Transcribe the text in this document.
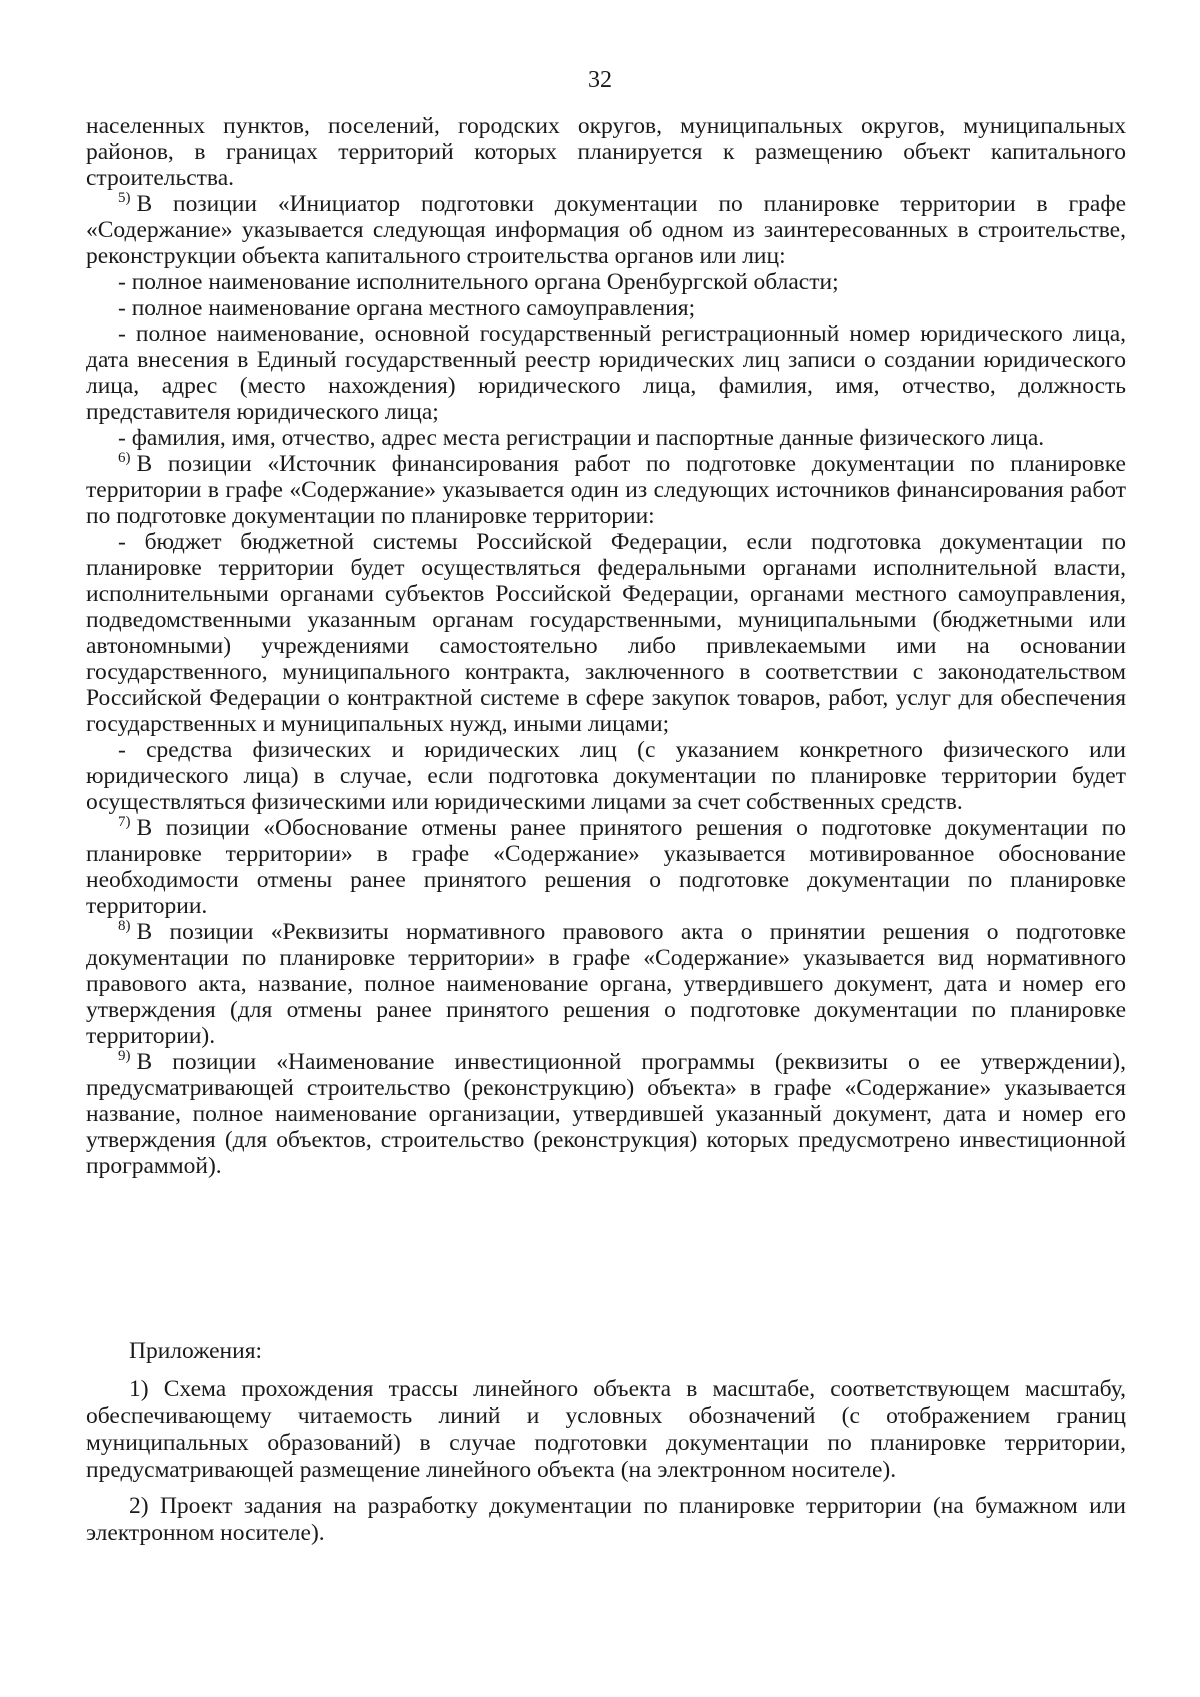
32

населенных пунктов, поселений, городских округов, муниципальных округов, муниципальных районов, в границах территорий которых планируется к размещению объект капитального строительства.

$^{5)}$ В позиции «Инициатор подготовки документации по планировке территории в графе «Содержание» указывается следующая информация об одном из заинтересованных в строительстве, реконструкции объекта капитального строительства органов или лиц:

- полное наименование исполнительного органа Оренбургской области;

- полное наименование органа местного самоуправления;

- полное наименование, основной государственный регистрационный номер юридического лица, дата внесения в Единый государственный реестр юридических лиц записи о создании юридического лица, адрес (место нахождения) юридического лица, фамилия, имя, отчество, должность представителя юридического лица;

- фамилия, имя, отчество, адрес места регистрации и паспортные данные физического лица.

$^{6)}$ В позиции «Источник финансирования работ по подготовке документации по планировке территории в графе «Содержание» указывается один из следующих источников финансирования работ по подготовке документации по планировке территории:

- бюджет бюджетной системы Российской Федерации, если подготовка документации по планировке территории будет осуществляться федеральными органами исполнительной власти, исполнительными органами субъектов Российской Федерации, органами местного самоуправления, подведомственными указанным органам государственными, муниципальными (бюджетными или автономными) учреждениями самостоятельно либо привлекаемыми ими на основании государственного, муниципального контракта, заключенного в соответствии с законодательством Российской Федерации о контрактной системе в сфере закупок товаров, работ, услуг для обеспечения государственных и муниципальных нужд, иными лицами;

- средства физических и юридических лиц (с указанием конкретного физического или юридического лица) в случае, если подготовка документации по планировке территории будет осуществляться физическими или юридическими лицами за счет собственных средств.

$^{7)}$ В позиции «Обоснование отмены ранее принятого решения о подготовке документации по планировке территории» в графе «Содержание» указывается мотивированное обоснование необходимости отмены ранее принятого решения о подготовке документации по планировке территории.

$^{8)}$ В позиции «Реквизиты нормативного правового акта о принятии решения о подготовке документации по планировке территории» в графе «Содержание» указывается вид нормативного правового акта, название, полное наименование органа, утвердившего документ, дата и номер его утверждения (для отмены ранее принятого решения о подготовке документации по планировке территории).

$^{9)}$ В позиции «Наименование инвестиционной программы (реквизиты о ее утверждении), предусматривающей строительство (реконструкцию) объекта» в графе «Содержание» указывается название, полное наименование организации, утвердившей указанный документ, дата и номер его утверждения (для объектов, строительство (реконструкция) которых предусмотрено инвестиционной программой).

Приложения:

1) Схема прохождения трассы линейного объекта в масштабе, соответствующем масштабу, обеспечивающему читаемость линий и условных обозначений (с отображением границ муниципальных образований) в случае подготовки документации по планировке территории, предусматривающей размещение линейного объекта (на электронном носителе).

2) Проект задания на разработку документации по планировке территории (на бумажном или электронном носителе).
